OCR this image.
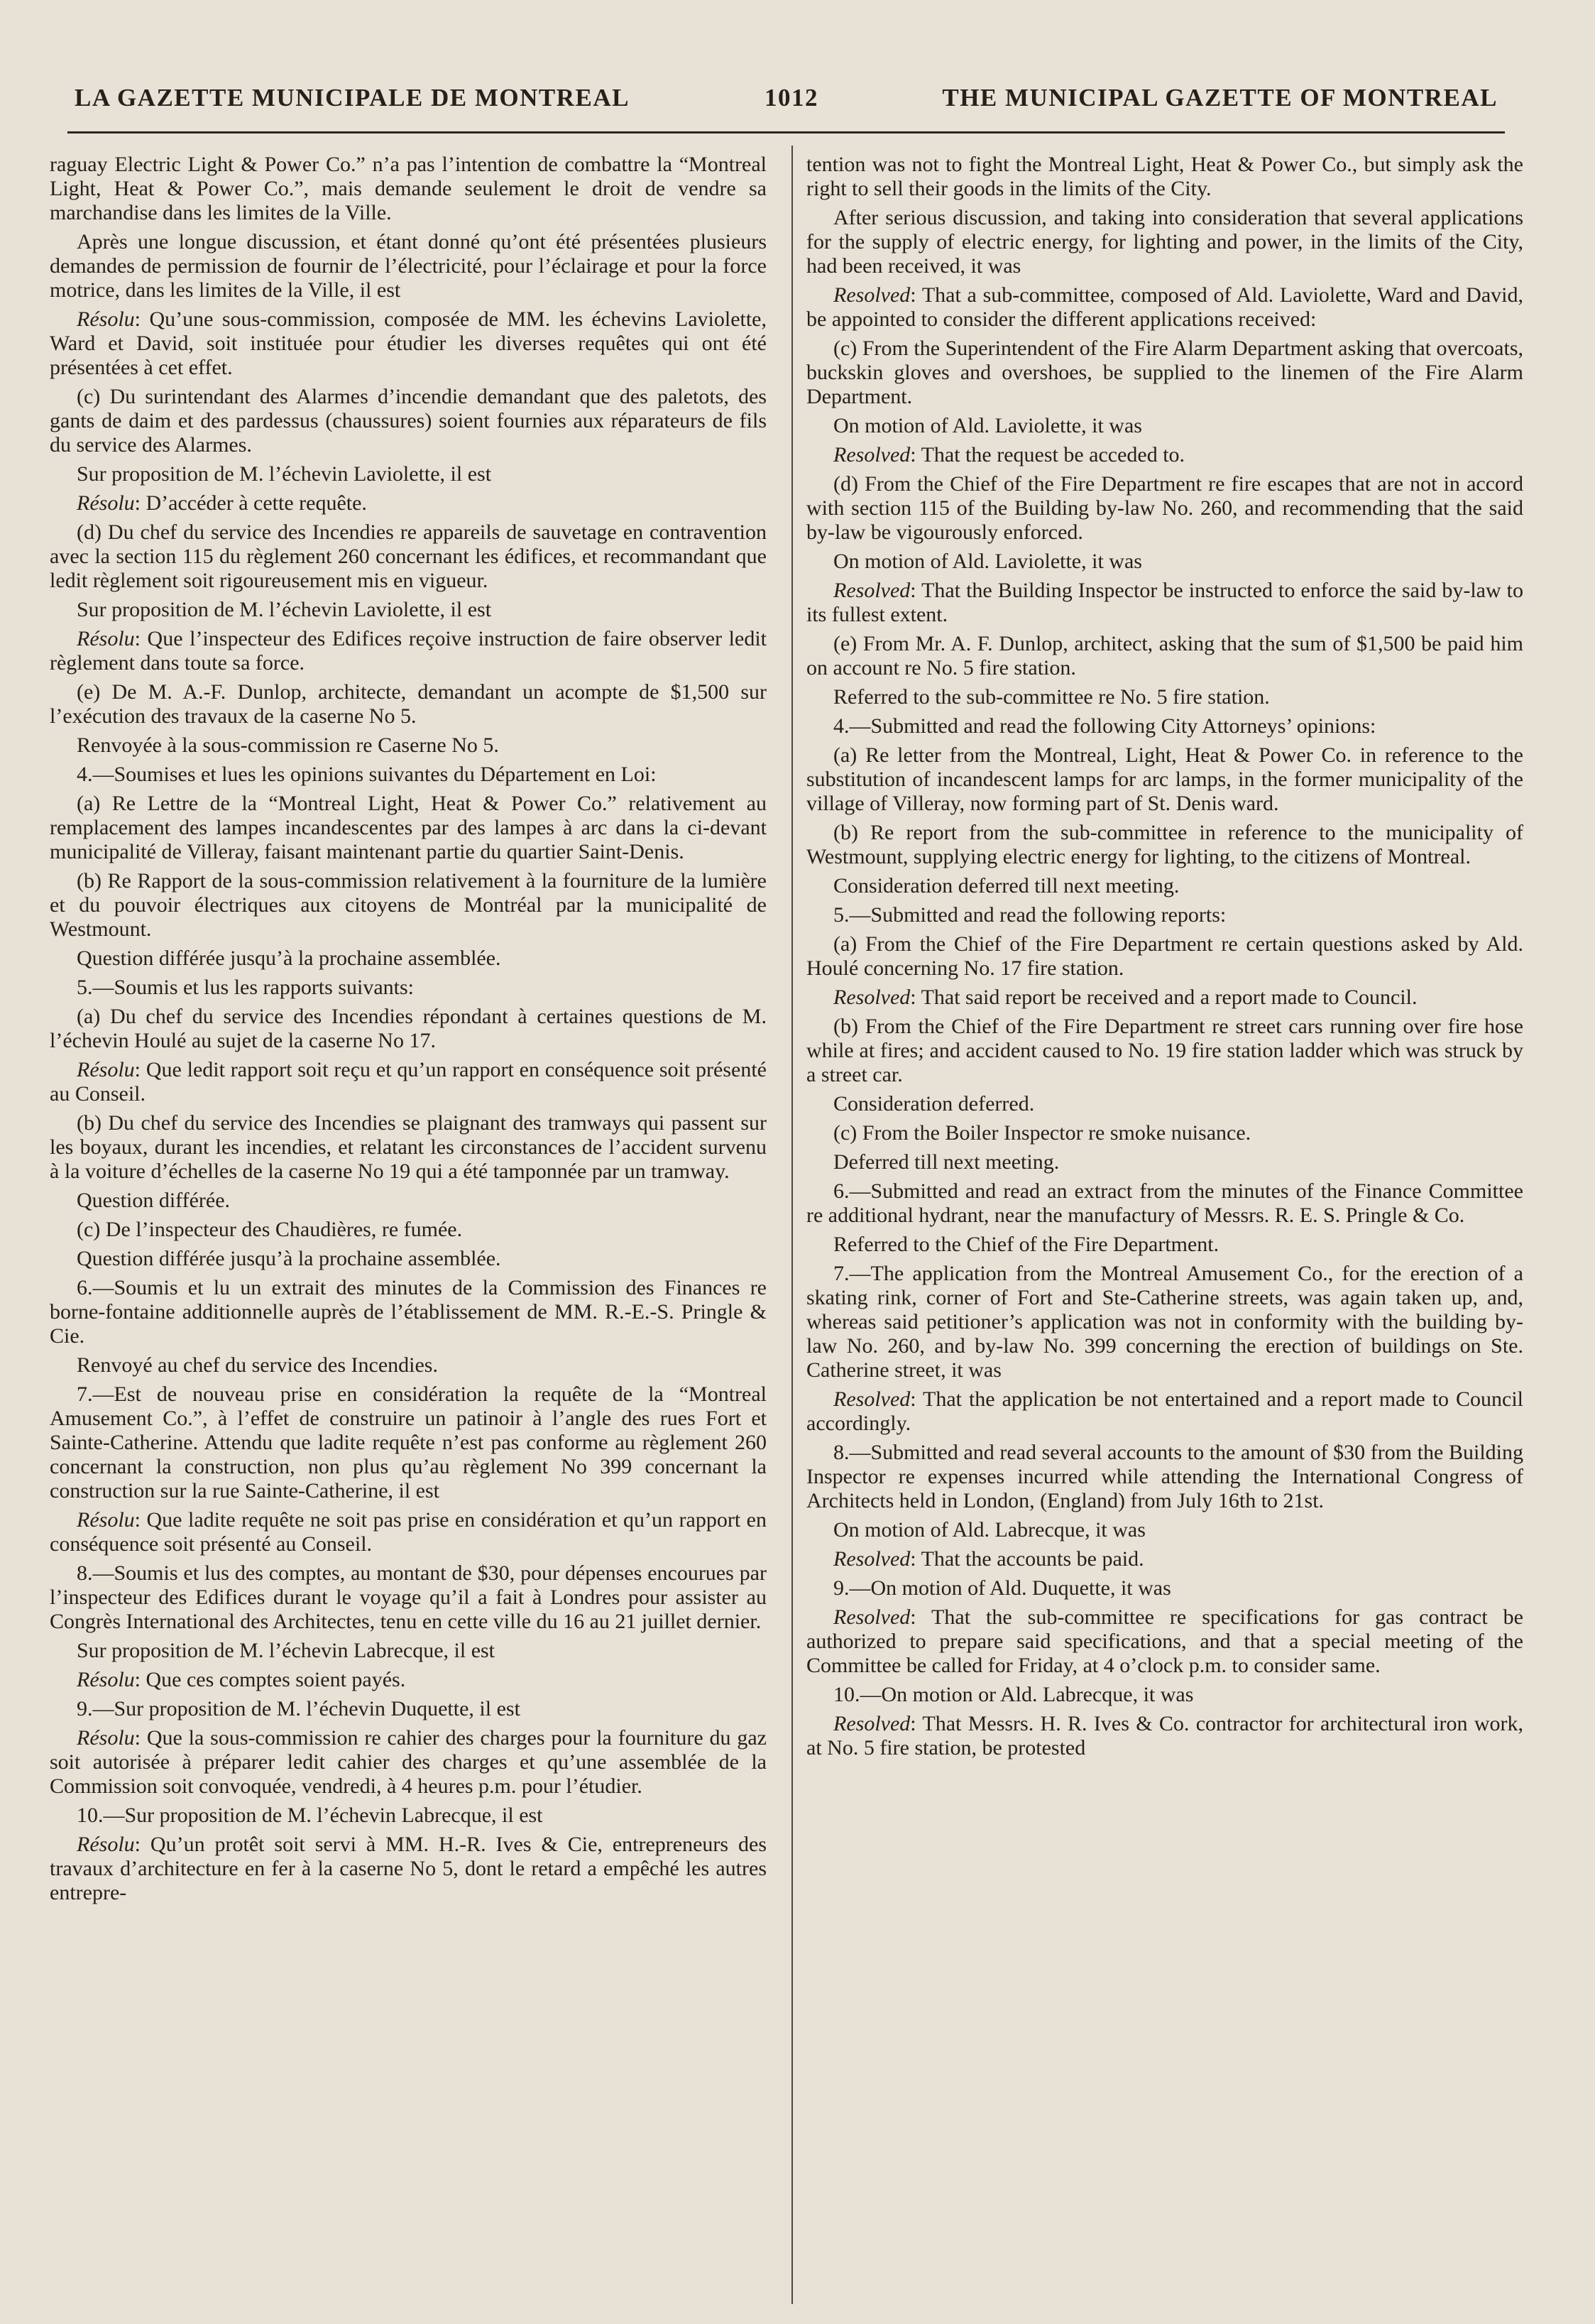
LA GAZETTE MUNICIPALE DE MONTREAL	1012	THE MUNICIPAL GAZETTE OF MONTREAL

raguay Electric Light & Power Co.” n’a pas l’intention de combattre la “Montreal Light, Heat & Power Co.”, mais demande seulement le droit de vendre sa marchandise dans les limites de la Ville.

Après une longue discussion, et étant donné qu’ont été présentées plusieurs demandes de permission de fournir de l’électricité, pour l’éclairage et pour la force motrice, dans les limites de la Ville, il est

Résolu: Qu’une sous-commission, composée de MM. les échevins Laviolette, Ward et David, soit instituée pour étudier les diverses requêtes qui ont été présentées à cet effet.

(c) Du surintendant des Alarmes d’incendie demandant que des paletots, des gants de daim et des pardessus (chaussures) soient fournies aux réparateurs de fils du service des Alarmes.

Sur proposition de M. l’échevin Laviolette, il est

Résolu: D’accéder à cette requête.

(d) Du chef du service des Incendies re appareils de sauvetage en contravention avec la section 115 du règlement 260 concernant les édifices, et recommandant que ledit règlement soit rigoureusement mis en vigueur.

Sur proposition de M. l’échevin Laviolette, il est

Résolu: Que l’inspecteur des Edifices reçoive instruction de faire observer ledit règlement dans toute sa force.

(e) De M. A.-F. Dunlop, architecte, demandant un acompte de $1,500 sur l’exécution des travaux de la caserne No 5.

Renvoyée à la sous-commission re Caserne No 5.

4.—Soumises et lues les opinions suivantes du Département en Loi:

(a) Re Lettre de la “Montreal Light, Heat & Power Co.” relativement au remplacement des lampes incandescentes par des lampes à arc dans la ci-devant municipalité de Villeray, faisant maintenant partie du quartier Saint-Denis.

(b) Re Rapport de la sous-commission relativement à la fourniture de la lumière et du pouvoir électriques aux citoyens de Montréal par la municipalité de Westmount.

Question différée jusqu’à la prochaine assemblée.

5.—Soumis et lus les rapports suivants:

(a) Du chef du service des Incendies répondant à certaines questions de M. l’échevin Houlé au sujet de la caserne No 17.

Résolu: Que ledit rapport soit reçu et qu’un rapport en conséquence soit présenté au Conseil.

(b) Du chef du service des Incendies se plaignant des tramways qui passent sur les boyaux, durant les incendies, et relatant les circonstances de l’accident survenu à la voiture d’échelles de la caserne No 19 qui a été tamponnée par un tramway.

Question différée.

(c) De l’inspecteur des Chaudières, re fumée.

Question différée jusqu’à la prochaine assemblée.

6.—Soumis et lu un extrait des minutes de la Commission des Finances re borne-fontaine additionnelle auprès de l’établissement de MM. R.-E.-S. Pringle & Cie.

Renvoyé au chef du service des Incendies.

7.—Est de nouveau prise en considération la requête de la “Montreal Amusement Co.”, à l’effet de construire un patinoir à l’angle des rues Fort et Sainte-Catherine. Attendu que ladite requête n’est pas conforme au règlement 260 concernant la construction, non plus qu’au règlement No 399 concernant la construction sur la rue Sainte-Catherine, il est

Résolu: Que ladite requête ne soit pas prise en considération et qu’un rapport en conséquence soit présenté au Conseil.

8.—Soumis et lus des comptes, au montant de $30, pour dépenses encourues par l’inspecteur des Edifices durant le voyage qu’il a fait à Londres pour assister au Congrès International des Architectes, tenu en cette ville du 16 au 21 juillet dernier.

Sur proposition de M. l’échevin Labrecque, il est

Résolu: Que ces comptes soient payés.

9.—Sur proposition de M. l’échevin Duquette, il est

Résolu: Que la sous-commission re cahier des charges pour la fourniture du gaz soit autorisée à préparer ledit cahier des charges et qu’une assemblée de la Commission soit convoquée, vendredi, à 4 heures p.m. pour l’étudier.

10.—Sur proposition de M. l’échevin Labrecque, il est

Résolu: Qu’un protêt soit servi à MM. H.-R. Ives & Cie, entrepreneurs des travaux d’architecture en fer à la caserne No 5, dont le retard a empêché les autres entrepre-

tention was not to fight the Montreal Light, Heat & Power Co., but simply ask the right to sell their goods in the limits of the City.

After serious discussion, and taking into consideration that several applications for the supply of electric energy, for lighting and power, in the limits of the City, had been received, it was

Resolved: That a sub-committee, composed of Ald. Laviolette, Ward and David, be appointed to consider the different applications received:

(c) From the Superintendent of the Fire Alarm Department asking that overcoats, buckskin gloves and overshoes, be supplied to the linemen of the Fire Alarm Department.

On motion of Ald. Laviolette, it was

Resolved: That the request be acceded to.

(d) From the Chief of the Fire Department re fire escapes that are not in accord with section 115 of the Building by-law No. 260, and recommending that the said by-law be vigourously enforced.

On motion of Ald. Laviolette, it was

Resolved: That the Building Inspector be instructed to enforce the said by-law to its fullest extent.

(e) From Mr. A. F. Dunlop, architect, asking that the sum of $1,500 be paid him on account re No. 5 fire station.

Referred to the sub-committee re No. 5 fire station.

4.—Submitted and read the following City Attorneys’ opinions:

(a) Re letter from the Montreal, Light, Heat & Power Co. in reference to the substitution of incandescent lamps for arc lamps, in the former municipality of the village of Villeray, now forming part of St. Denis ward.

(b) Re report from the sub-committee in reference to the municipality of Westmount, supplying electric energy for lighting, to the citizens of Montreal.

Consideration deferred till next meeting.

5.—Submitted and read the following reports:

(a) From the Chief of the Fire Department re certain questions asked by Ald. Houlé concerning No. 17 fire station.

Resolved: That said report be received and a report made to Council.

(b) From the Chief of the Fire Department re street cars running over fire hose while at fires; and accident caused to No. 19 fire station ladder which was struck by a street car.

Consideration deferred.

(c) From the Boiler Inspector re smoke nuisance.

Deferred till next meeting.

6.—Submitted and read an extract from the minutes of the Finance Committee re additional hydrant, near the manufactury of Messrs. R. E. S. Pringle & Co.

Referred to the Chief of the Fire Department.

7.—The application from the Montreal Amusement Co., for the erection of a skating rink, corner of Fort and Ste-Catherine streets, was again taken up, and, whereas said petitioner’s application was not in conformity with the building by-law No. 260, and by-law No. 399 concerning the erection of buildings on Ste. Catherine street, it was

Resolved: That the application be not entertained and a report made to Council accordingly.

8.—Submitted and read several accounts to the amount of $30 from the Building Inspector re expenses incurred while attending the International Congress of Architects held in London, (England) from July 16th to 21st.

On motion of Ald. Labrecque, it was

Resolved: That the accounts be paid.

9.—On motion of Ald. Duquette, it was

Resolved: That the sub-committee re specifications for gas contract be authorized to prepare said specifications, and that a special meeting of the Committee be called for Friday, at 4 o’clock p.m. to consider same.

10.—On motion or Ald. Labrecque, it was

Resolved: That Messrs. H. R. Ives & Co. contractor for architectural iron work, at No. 5 fire station, be protested
